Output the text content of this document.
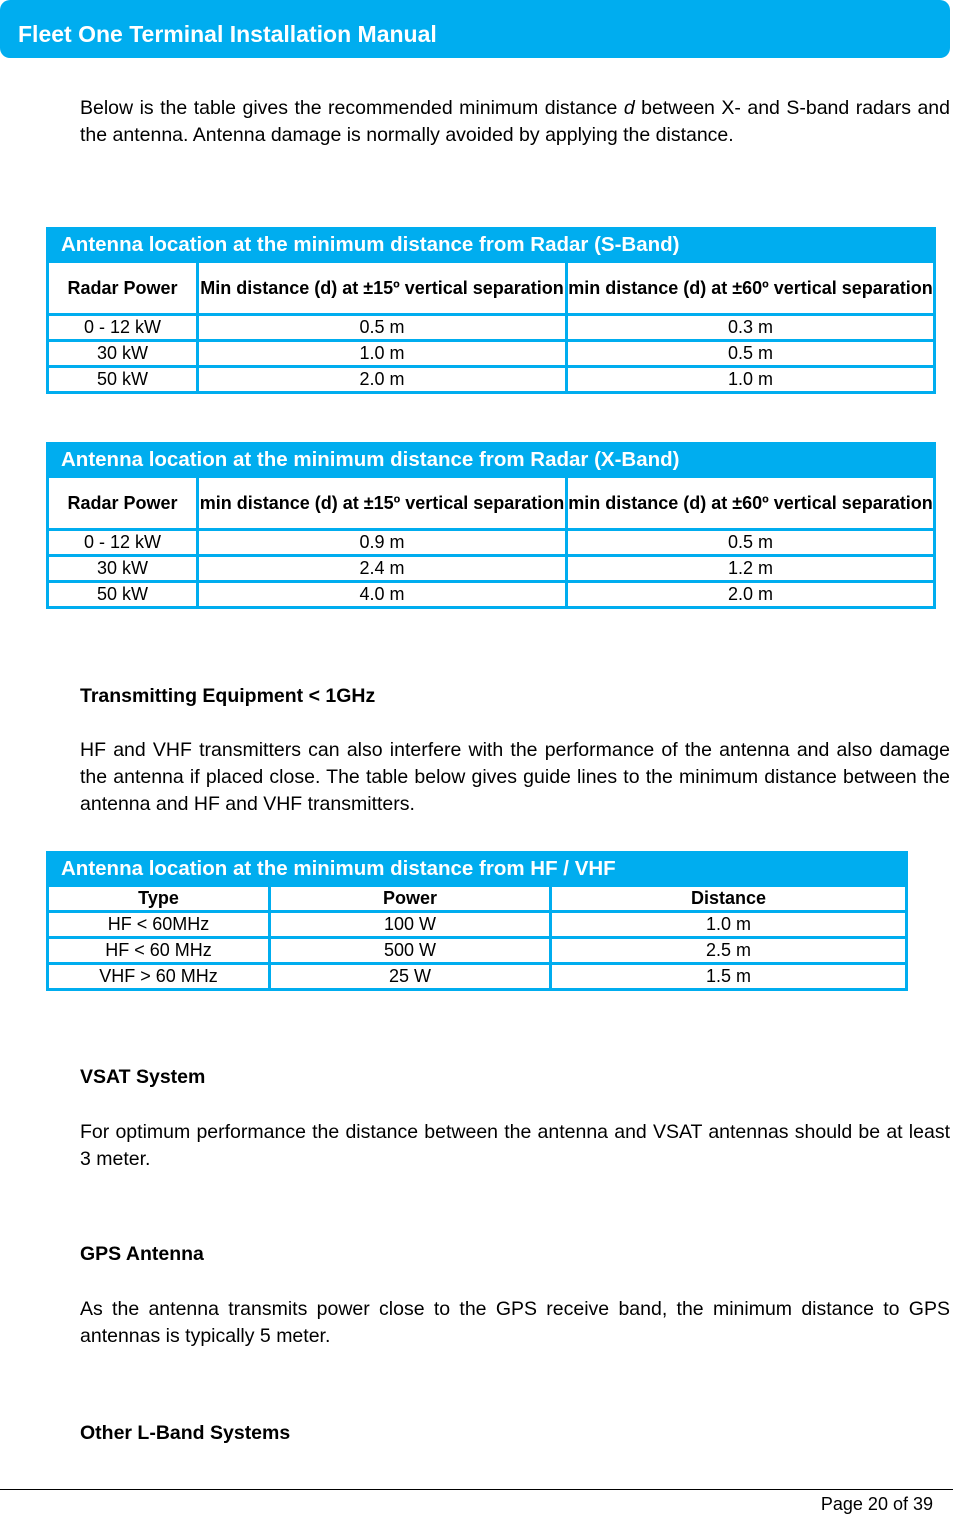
Fleet One Terminal Installation Manual
Below is the table gives the recommended minimum distance d between X- and S-band radars and the antenna. Antenna damage is normally avoided by applying the distance.
Antenna location at the minimum distance from Radar (S-Band)		
Radar Power	Min distance (d) at ±15º vertical separation	min distance (d) at ±60º vertical separation
0 - 12 kW	0.5 m	0.3 m
30 kW	1.0 m	0.5 m
50 kW	2.0 m	1.0 m
Antenna location at the minimum distance from Radar (X-Band)		
Radar Power	min distance (d) at ±15º vertical separation	min distance (d) at ±60º vertical separation
0 - 12 kW	0.9 m	0.5 m
30 kW	2.4 m	1.2 m
50 kW	4.0 m	2.0 m
Transmitting Equipment < 1GHz
HF and VHF transmitters can also interfere with the performance of the antenna and also damage the antenna if placed close. The table below gives guide lines to the minimum distance between the antenna and HF and VHF transmitters.
Antenna location at the minimum distance from HF / VHF		
Type	Power	Distance
HF < 60MHz	100 W	1.0 m
HF < 60 MHz	500 W	2.5 m
VHF > 60 MHz	25 W	1.5 m
VSAT System
For optimum performance the distance between the antenna and VSAT antennas should be at least 3 meter.
GPS Antenna
As the antenna transmits power close to the GPS receive band, the minimum distance to GPS antennas is typically 5 meter.
Other L-Band Systems
Page 20 of 39
